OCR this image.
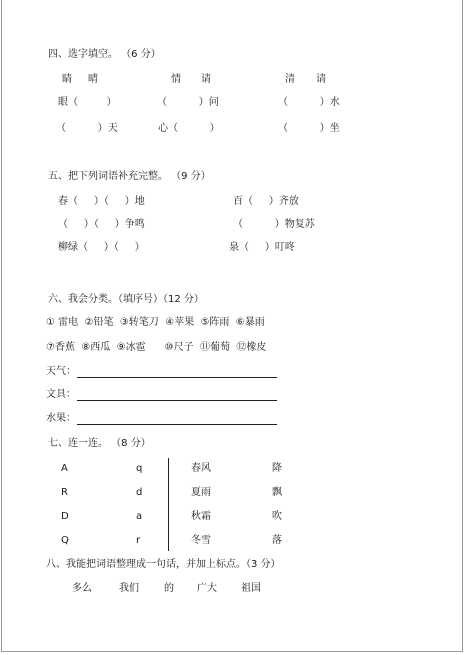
四、选字填空。 （6 分）
睛 晴	情 请	清 请
眼（         ）	（          ）问	（          ）水
（          ）天	心（          ）	（          ）坐
五、把下列词语补充完整。 （9 分）
春（     ）（     ）地	百（     ）齐放
（     ）（     ）争鸣	（          ）物复苏
柳绿（     ）（     ）	泉（     ）叮咚
六、我会分类。（填序号）（12 分）
① 雷电  ②铅笔  ③转笔刀  ④苹果  ⑤阵雨  ⑥暴雨
⑦香蕉  ⑧西瓜  ⑨冰雹      ⑩尺子  ⑪葡萄  ⑫橡皮
天气：
文具：
水果：
七、连一连。 （8 分）
A	q	春风	降
R	d	夏雨	飘
D	a	秋霜	吹
Q	r	冬雪	落
八、我能把词语整理成一句话，并加上标点。（3 分）
多么	我们	的 广大 祖国
